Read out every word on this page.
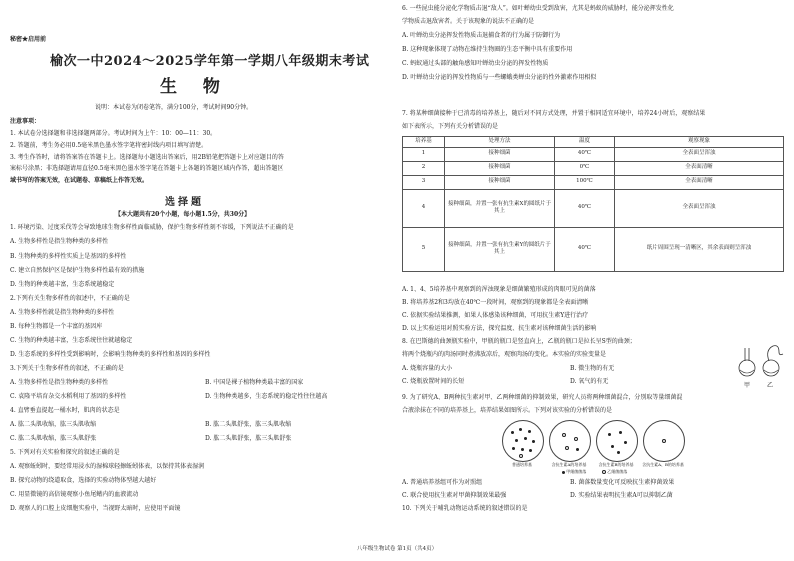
秘密★启用前
榆次一中2024～2025学年第一学期八年级期末考试
生 物
说明：本试卷为闭卷笔答，满分100分，考试时间90分钟。
注意事项：
1. 本试卷分选择题和非选择题两部分。考试时间为上午：10：00—11：30。
2. 答题前，考生务必用0.5毫米黑色墨水签字笔将密封线内项目填写清楚。
3. 考生作答时，请将答案答在答题卡上。选择题每小题选出答案后，用2B铅笔把答题卡上对应题目的答
案标号涂黑；非选择题请用直径0.5毫米黑色墨水签字笔在答题卡上各题的答题区域内作答，超出答题区
域书写的答案无效，在试题卷、草稿纸上作答无效。
选择题
【本大题共有20个小题，每小题1.5分，共30分】
1. 环境污染、过度采伐等会导致地球生物多样性面临威胁，保护生物多样性刻不容缓，下列说法不正确的是
A. 生物多样性是指生物种类的多样性
B. 生物种类的多样性实质上是基因的多样性
C. 建立自然保护区是保护生物多样性最有效的措施
D. 生物的种类越丰富，生态系统越稳定
2.下列有关生物多样性的叙述中，不正确的是
A. 生物多样性就是指生物种类的多样性
B. 每种生物都是一个丰富的基因库
C. 生物的种类越丰富，生态系统往往就越稳定
D. 生态系统的多样性受到影响时，会影响生物种类的多样性和基因的多样性
3.下列关于生物多样性的叙述，不正确的是
A. 生物多样性是指生物种类的多样性	B. 中国是裸子植物种类最丰富的国家
C. 袁隆平培育杂交水稻利用了基因的多样性	D. 生物种类越多，生态系统的稳定性往往越高
4. 直臂垂直提起一桶水时，肌肉的状态是
A. 肱二头肌收缩，肱三头肌收缩	B. 肱二头肌舒张，肱三头肌收缩
C. 肱二头肌收缩，肱三头肌舒张	D. 肱二头肌舒张，肱三头肌舒张
5. 下列对有关实验和探究的叙述正确的是
A. 观察蚯蚓时，要经常用浸水的湿棉球轻擦蚯蚓体表，以保持其体表湿润
B. 探究动物的绕道取食，选择的实验动物体型越大越好
C. 用显微镜的高倍镜观察小鱼尾鳍内的血液流动
D. 观察人的口腔上皮细胞实验中，当视野太暗时，应使用平面镜
6. 一些昆虫能分泌化学物质击退“敌人”。如叶蝉幼虫受到敌害，尤其是蚂蚁的威胁时，能分泌挥发性化
学物质击退敌害者。关于该现象的说法不正确的是
A. 叶蝉幼虫分泌挥发性物质击退捕食者的行为属于防御行为
B. 这种现象体现了动物在维持生物圈的生态平衡中具有重要作用
C. 蚂蚁通过头部的触角感知叶蝉幼虫分泌的挥发性物质
D. 叶蝉幼虫分泌的挥发性物质与一些螺蛾类蝉虫分泌的性外激素作用相似
7. 将某种细菌接种于已消毒的培养基上，随后对不同方式处理，并置于相同适宜环境中，培养24小时后，观察结果
如下表所示，下列有关分析错误的是
培养基	处理方法	温度	观察现象
1	接种细菌	40℃	全表面呈浑浊
2	接种细菌	0℃	全表面清晰
3	接种细菌	100℃	全表面清晰
4	接种细菌，并置一张有抗生素X的圆纸片于其上	40℃	全表面呈浑浊
5	接种细菌，并置一张有抗生素Y的圆纸片于其上	40℃	纸片周围呈现一清晰区，其余表面则呈浑浊
A. 1、4、5培养基中观察到的浑浊现象是细菌繁殖形成的肉眼可见的菌落
B. 将培养基2和3均放在40℃一段时间，观察到的现象都是全表面清晰
C. 依据实验结果推测，如果人体感染该种细菌，可用抗生素Y进行治疗
D. 以上实验运用对照实验方法，探究温度、抗生素对该种细菌生活的影响
8. 在巴斯德的曲颈瓶实验中，甲瓶的瓶口是竖直向上，乙瓶的瓶口是拉长呈S型的曲颈；
将两个烧瓶内的肉汤同时煮沸放凉后，观察肉汤的变化。本实验的实验变量是
A. 烧瓶容量的大小	B. 微生物的有无
C. 烧瓶放置时间的长短	D. 氧气的有无
甲	乙
9. 为了研究A、B两种抗生素对甲、乙两种细菌的抑制效果，研究人员将两种细菌混合，分别取等量细菌混
合液涂抹在不同的培养基上，培养结果如图所示。下列对该实验的分析错误的是
普通培养基	含抗生素A的培养基	含抗生素B的培养基	含抗生素A、B的培养基
甲细菌菌落	乙细菌菌落
A. 普通培养基组可作为对照组	B. 菌落数量变化可反映抗生素抑菌效果
C. 联合使用抗生素对甲菌抑制效果最强	D. 实验结果表明抗生素A可以抑制乙菌
10. 下列关于哺乳动物运动系统的叙述错误的是
八年级生物试卷 第1页（共4页）
